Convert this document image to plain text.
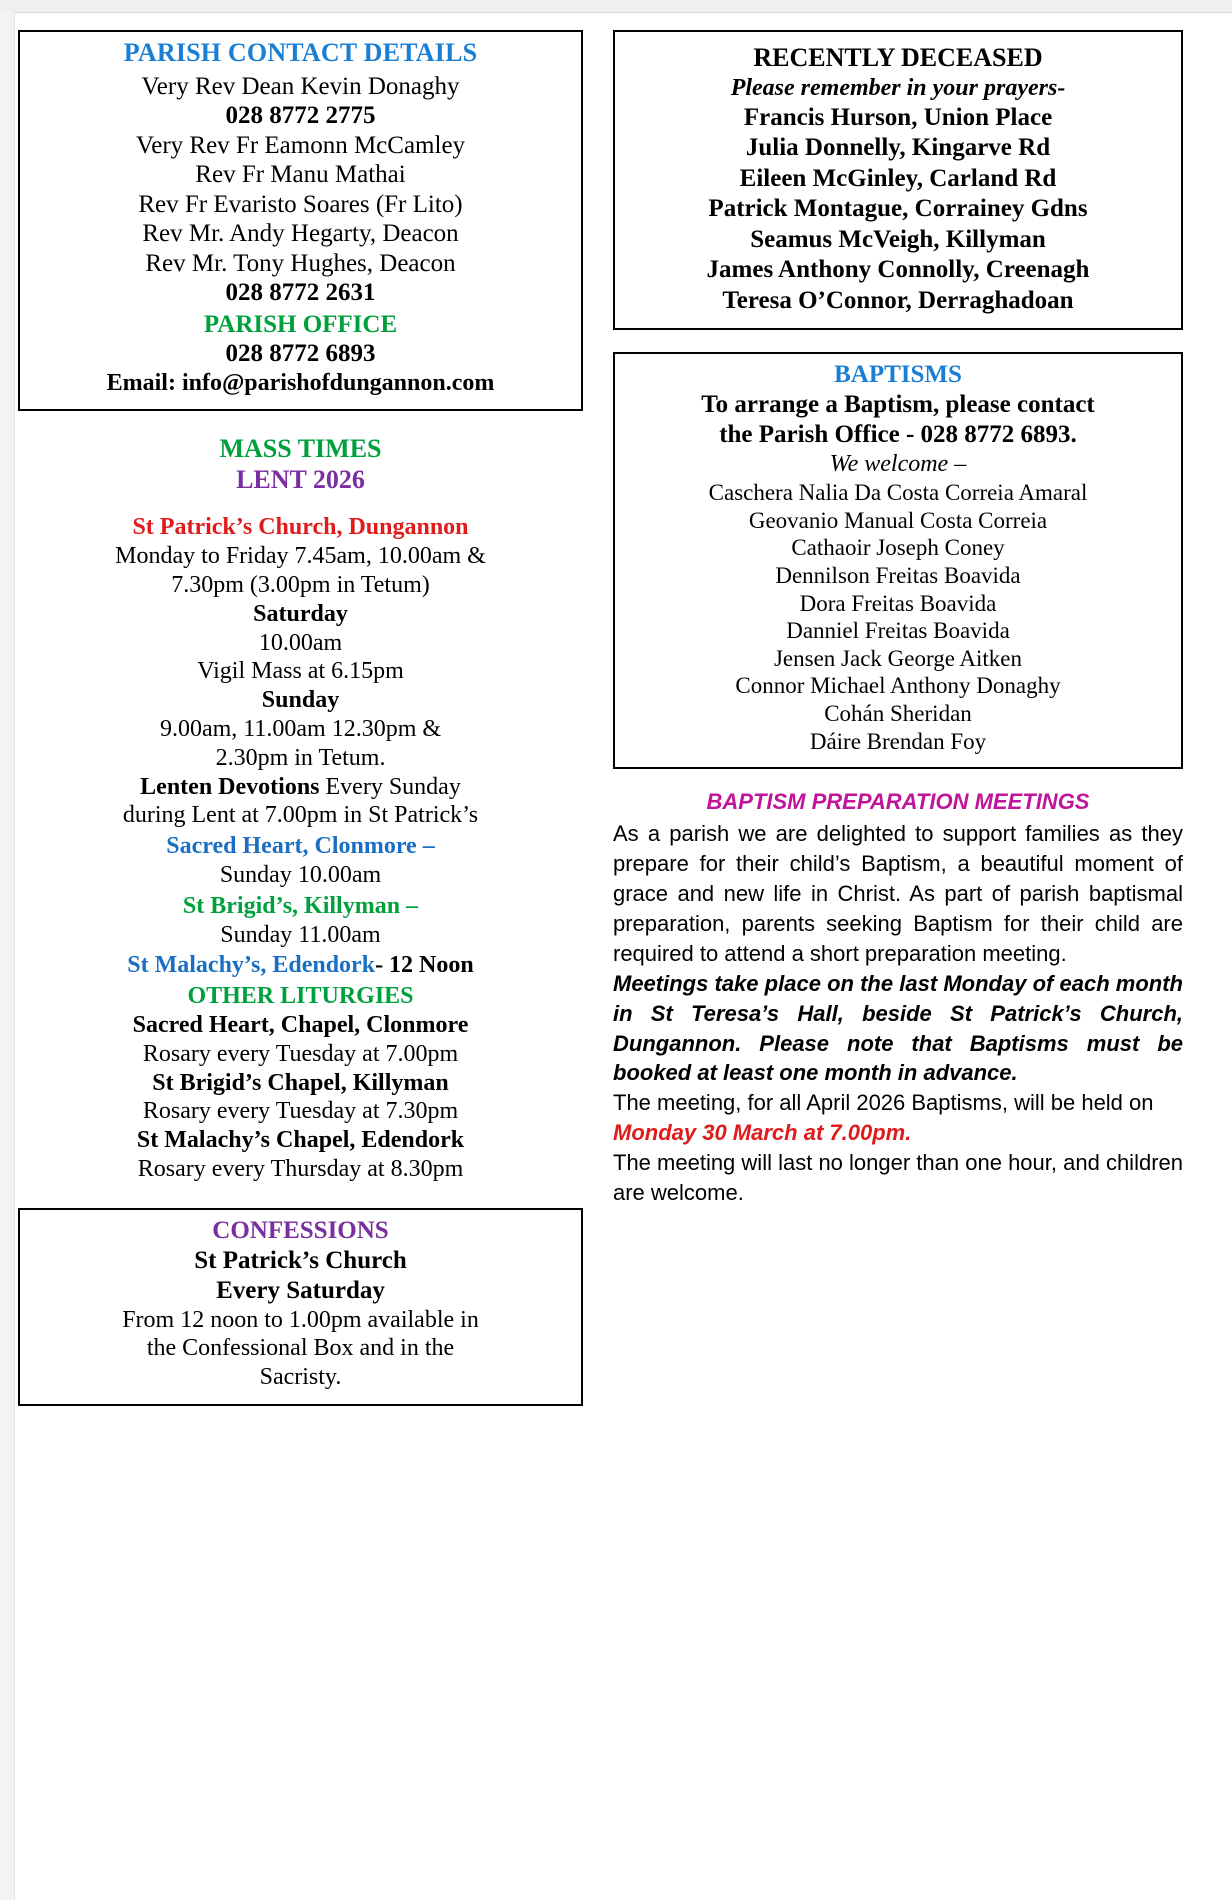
PARISH CONTACT DETAILS
Very Rev Dean Kevin Donaghy
028 8772 2775
Very Rev Fr Eamonn McCamley
Rev Fr Manu Mathai
Rev Fr Evaristo Soares (Fr Lito)
Rev Mr. Andy Hegarty, Deacon
Rev Mr. Tony Hughes, Deacon
028 8772 2631
PARISH OFFICE
028 8772 6893
Email: info@parishofdungannon.com
MASS TIMES
LENT 2026
St Patrick’s Church, Dungannon
Monday to Friday 7.45am, 10.00am &
7.30pm (3.00pm in Tetum)
Saturday
10.00am
Vigil Mass at 6.15pm
Sunday
9.00am, 11.00am 12.30pm &
2.30pm in Tetum.
Lenten Devotions Every Sunday
during Lent at 7.00pm in St Patrick’s
Sacred Heart, Clonmore –
Sunday 10.00am
St Brigid’s, Killyman –
Sunday 11.00am
St Malachy’s, Edendork- 12 Noon
OTHER LITURGIES
Sacred Heart, Chapel, Clonmore
Rosary every Tuesday at 7.00pm
St Brigid’s Chapel, Killyman
Rosary every Tuesday at 7.30pm
St Malachy’s Chapel, Edendork
Rosary every Thursday at 8.30pm
CONFESSIONS
St Patrick’s Church
Every Saturday
From 12 noon to 1.00pm available in
the Confessional Box and in the
Sacristy.
RECENTLY DECEASED
Please remember in your prayers-
Francis Hurson, Union Place
Julia Donnelly, Kingarve Rd
Eileen McGinley, Carland Rd
Patrick Montague, Corrainey Gdns
Seamus McVeigh, Killyman
James Anthony Connolly, Creenagh
Teresa O’Connor, Derraghadoan
BAPTISMS
To arrange a Baptism, please contact
the Parish Office - 028 8772 6893.
We welcome –
Caschera Nalia Da Costa Correia Amaral
Geovanio Manual Costa Correia
Cathaoir Joseph Coney
Dennilson Freitas Boavida
Dora Freitas Boavida
Danniel Freitas Boavida
Jensen Jack George Aitken
Connor Michael Anthony Donaghy
Cohán Sheridan
Dáire Brendan Foy
BAPTISM PREPARATION MEETINGS

As a parish we are delighted to support families as they prepare for their child’s Baptism, a beautiful moment of grace and new life in Christ. As part of parish baptismal preparation, parents seeking Baptism for their child are required to attend a short preparation meeting.

Meetings take place on the last Monday of each month in St Teresa’s Hall, beside St Patrick’s Church, Dungannon. Please note that Baptisms must be booked at least one month in advance.

The meeting, for all April 2026 Baptisms, will be held on

Monday 30 March at 7.00pm.

The meeting will last no longer than one hour, and children are welcome.
